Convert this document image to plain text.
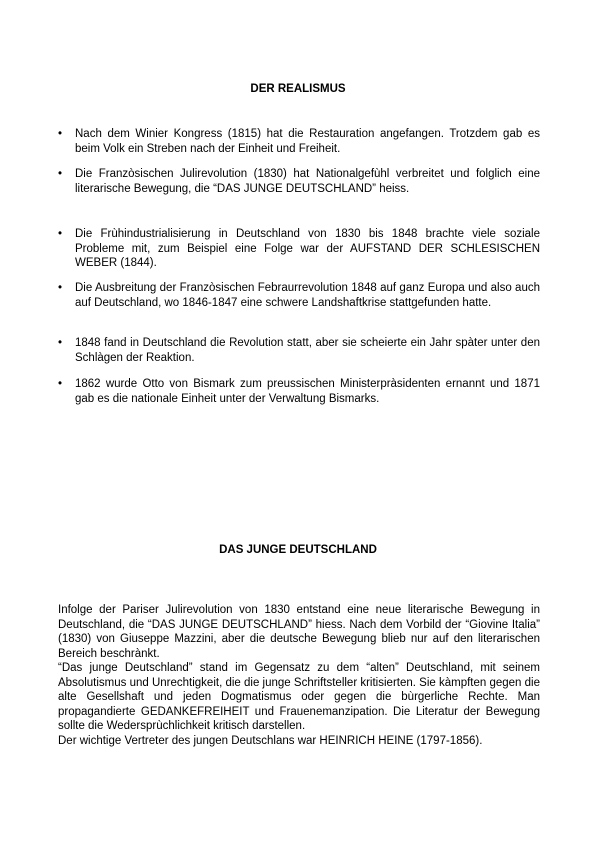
DER REALISMUS
•	Nach dem Winier Kongress (1815) hat die Restauration angefangen. Trotzdem gab es beim Volk ein Streben nach der Einheit und Freiheit.
•	Die Franzòsischen Julirevolution (1830) hat Nationalgefùhl verbreitet und folglich eine literarische Bewegung, die “DAS JUNGE DEUTSCHLAND” heiss.
•	Die Frùhindustrialisierung in Deutschland von 1830 bis 1848 brachte viele soziale Probleme mit, zum Beispiel eine Folge war der AUFSTAND DER SCHLESISCHEN WEBER (1844).
•	Die Ausbreitung der Franzòsischen Febraurrevolution 1848 auf ganz Europa und also auch auf Deutschland, wo 1846-1847 eine schwere Landshaftkrise stattgefunden hatte.
•	1848 fand in Deutschland die Revolution statt, aber sie scheierte ein Jahr spàter unter den Schlàgen der Reaktion.
•	1862 wurde Otto von Bismark zum preussischen Ministerpràsidenten ernannt und 1871 gab es die nationale Einheit unter der Verwaltung Bismarks.
DAS JUNGE DEUTSCHLAND

Infolge der Pariser Julirevolution von 1830 entstand eine neue literarische Bewegung in Deutschland, die “DAS JUNGE DEUTSCHLAND” hiess. Nach dem Vorbild der “Giovine Italia” (1830) von Giuseppe Mazzini, aber die deutsche Bewegung blieb nur auf den literarischen Bereich beschrànkt.

“Das junge Deutschland” stand im Gegensatz zu dem “alten” Deutschland, mit seinem Absolutismus und Unrechtigkeit, die die junge Schriftsteller kritisierten. Sie kàmpften gegen die alte Gesellshaft und jeden Dogmatismus oder gegen die bùrgerliche Rechte. Man propagandierte GEDANKEFREIHEIT und Frauenemanzipation. Die Literatur der Bewegung sollte die Wedersprùchlichkeit kritisch darstellen.

Der wichtige Vertreter des jungen Deutschlans war HEINRICH HEINE (1797-1856).
